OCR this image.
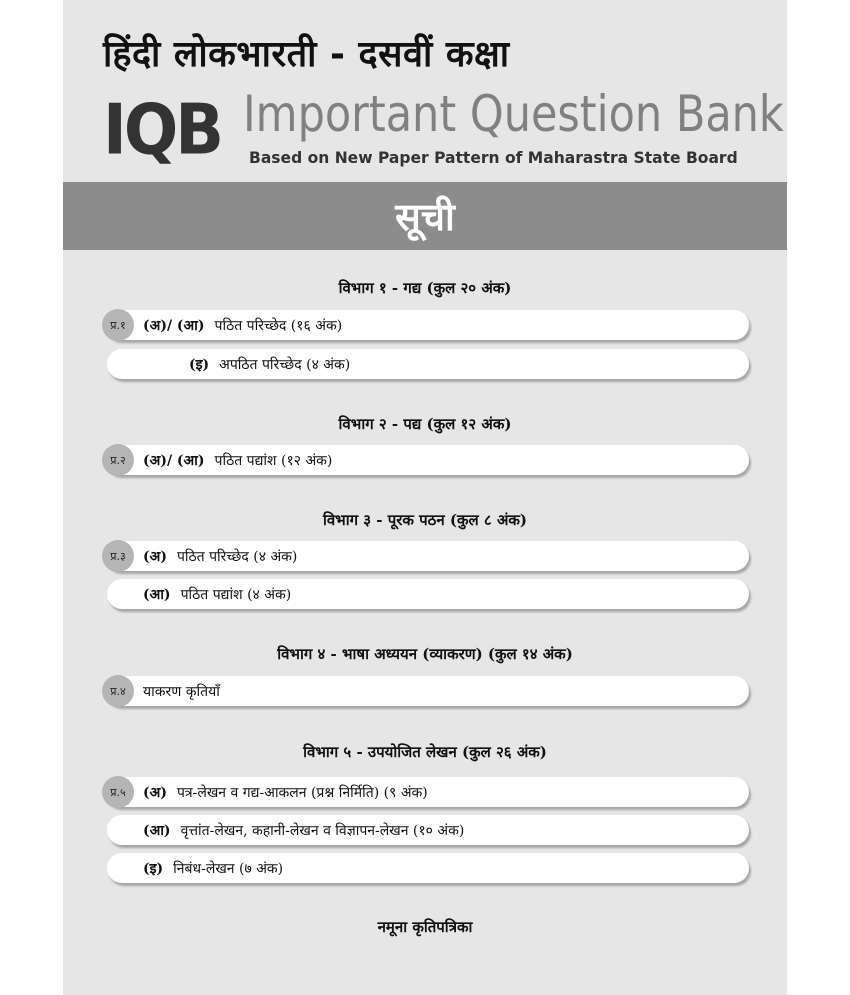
हिंदी लोकभारती - दसवीं कक्षा
IQB Important Question Bank
Based on New Paper Pattern of Maharastra State Board
सूची
विभाग १ - गद्य (कुल २० अंक)
प्र.१	(अ)/ (आ) पठित परिच्छेद (१६ अंक)
(इ) अपठित परिच्छेद (४ अंक)
विभाग २ - पद्य (कुल १२ अंक)
प्र.२	(अ)/ (आ) पठित पद्यांश (१२ अंक)
विभाग ३ - पूरक पठन (कुल ८ अंक)
प्र.३	(अ) पठित परिच्छेद (४ अंक)
(आ) पठित पद्यांश (४ अंक)
विभाग ४ - भाषा अध्ययन (व्याकरण) (कुल १४ अंक)
प्र.४	याकरण कृतियाँ
विभाग ५ - उपयोजित लेखन (कुल २६ अंक)
प्र.५	(अ) पत्र-लेखन व गद्य-आकलन (प्रश्न निर्मिति) (९ अंक)
(आ) वृत्तांत-लेखन, कहानी-लेखन व विज्ञापन-लेखन (१० अंक)
(इ) निबंध-लेखन (७ अंक)
नमूना कृतिपत्रिका
